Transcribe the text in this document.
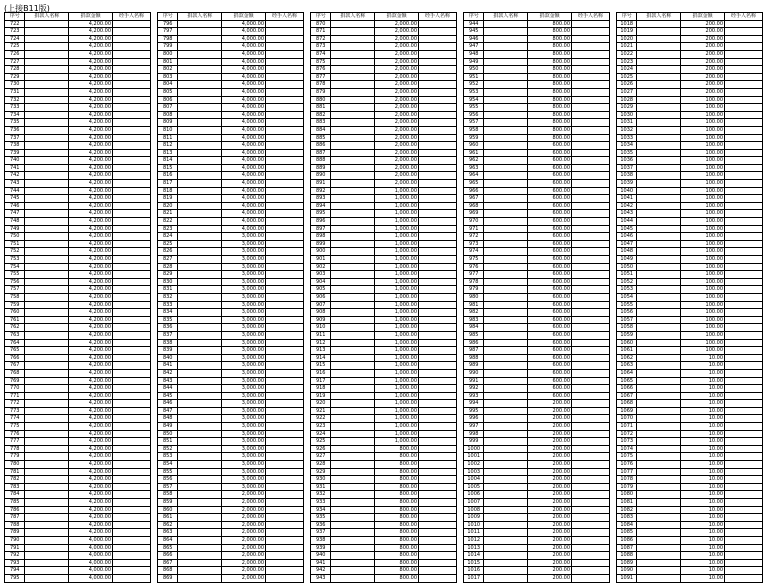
(上接B11版)
序号	捐款人名称	捐款金额	经手人名称
722		4,200.00	
723		4,200.00	
724		4,200.00	
725		4,200.00	
726		4,200.00	
727		4,200.00	
728		4,200.00	
729		4,200.00	
730		4,200.00	
731		4,200.00	
732		4,200.00	
733		4,200.00	
734		4,200.00	
735		4,200.00	
736		4,200.00	
737		4,200.00	
738		4,200.00	
739		4,200.00	
740		4,200.00	
741		4,200.00	
742		4,200.00	
743		4,200.00	
744		4,200.00	
745		4,200.00	
746		4,200.00	
747		4,200.00	
748		4,200.00	
749		4,200.00	
750		4,200.00	
751		4,200.00	
752		4,200.00	
753		4,200.00	
754		4,200.00	
755		4,200.00	
756		4,200.00	
757		4,200.00	
758		4,200.00	
759		4,200.00	
760		4,200.00	
761		4,200.00	
762		4,200.00	
763		4,200.00	
764		4,200.00	
765		4,200.00	
766		4,200.00	
767		4,200.00	
768		4,200.00	
769		4,200.00	
770		4,200.00	
771		4,200.00	
772		4,200.00	
773		4,200.00	
774		4,200.00	
775		4,200.00	
776		4,200.00	
777		4,200.00	
778		4,200.00	
779		4,200.00	
780		4,200.00	
781		4,200.00	
782		4,200.00	
783		4,200.00	
784		4,200.00	
785		4,200.00	
786		4,200.00	
787		4,200.00	
788		4,200.00	
789		4,200.00	
790		4,000.00	
791		4,000.00	
792		4,000.00	
793		4,000.00	
794		4,000.00	
795		4,000.00	
序号	捐款人名称	捐款金额	经手人名称
796		4,000.00	
797		4,000.00	
798		4,000.00	
799		4,000.00	
800		4,000.00	
801		4,000.00	
802		4,000.00	
803		4,000.00	
804		4,000.00	
805		4,000.00	
806		4,000.00	
807		4,000.00	
808		4,000.00	
809		4,000.00	
810		4,000.00	
811		4,000.00	
812		4,000.00	
813		4,000.00	
814		4,000.00	
815		4,000.00	
816		4,000.00	
817		4,000.00	
818		4,000.00	
819		4,000.00	
820		4,000.00	
821		4,000.00	
822		4,000.00	
823		4,000.00	
824		3,000.00	
825		3,000.00	
826		3,000.00	
827		3,000.00	
828		3,000.00	
829		3,000.00	
830		3,000.00	
831		3,000.00	
832		3,000.00	
833		3,000.00	
834		3,000.00	
835		3,000.00	
836		3,000.00	
837		3,000.00	
838		3,000.00	
839		3,000.00	
840		3,000.00	
841		3,000.00	
842		3,000.00	
843		3,000.00	
844		3,000.00	
845		3,000.00	
846		3,000.00	
847		3,000.00	
848		3,000.00	
849		3,000.00	
850		3,000.00	
851		3,000.00	
852		3,000.00	
853		3,000.00	
854		3,000.00	
855		3,000.00	
856		3,000.00	
857		3,000.00	
858		2,000.00	
859		2,000.00	
860		2,000.00	
861		2,000.00	
862		2,000.00	
863		2,000.00	
864		2,000.00	
865		2,000.00	
866		2,000.00	
867		2,000.00	
868		2,000.00	
869		2,000.00	
序号	捐款人名称	捐款金额	经手人名称
870		2,000.00	
871		2,000.00	
872		2,000.00	
873		2,000.00	
874		2,000.00	
875		2,000.00	
876		2,000.00	
877		2,000.00	
878		2,000.00	
879		2,000.00	
880		2,000.00	
881		2,000.00	
882		2,000.00	
883		2,000.00	
884		2,000.00	
885		2,000.00	
886		2,000.00	
887		2,000.00	
888		2,000.00	
889		2,000.00	
890		2,000.00	
891		2,000.00	
892		1,000.00	
893		1,000.00	
894		1,000.00	
895		1,000.00	
896		1,000.00	
897		1,000.00	
898		1,000.00	
899		1,000.00	
900		1,000.00	
901		1,000.00	
902		1,000.00	
903		1,000.00	
904		1,000.00	
905		1,000.00	
906		1,000.00	
907		1,000.00	
908		1,000.00	
909		1,000.00	
910		1,000.00	
911		1,000.00	
912		1,000.00	
913		1,000.00	
914		1,000.00	
915		1,000.00	
916		1,000.00	
917		1,000.00	
918		1,000.00	
919		1,000.00	
920		1,000.00	
921		1,000.00	
922		1,000.00	
923		1,000.00	
924		1,000.00	
925		1,000.00	
926		800.00	
927		800.00	
928		800.00	
929		800.00	
930		800.00	
931		800.00	
932		800.00	
933		800.00	
934		800.00	
935		800.00	
936		800.00	
937		800.00	
938		800.00	
939		800.00	
940		800.00	
941		800.00	
942		800.00	
943		800.00	
序号	捐款人名称	捐款金额	经手人名称
944		800.00	
945		800.00	
946		800.00	
947		800.00	
948		800.00	
949		800.00	
950		800.00	
951		800.00	
952		800.00	
953		800.00	
954		800.00	
955		800.00	
956		800.00	
957		800.00	
958		800.00	
959		800.00	
960		600.00	
961		600.00	
962		600.00	
963		600.00	
964		600.00	
965		600.00	
966		600.00	
967		600.00	
968		600.00	
969		600.00	
970		600.00	
971		600.00	
972		600.00	
973		600.00	
974		600.00	
975		600.00	
976		600.00	
977		600.00	
978		600.00	
979		600.00	
980		600.00	
981		600.00	
982		600.00	
983		600.00	
984		600.00	
985		600.00	
986		600.00	
987		600.00	
988		600.00	
989		600.00	
990		600.00	
991		600.00	
992		600.00	
993		600.00	
994		200.00	
995		200.00	
996		200.00	
997		200.00	
998		200.00	
999		200.00	
1000		200.00	
1001		200.00	
1002		200.00	
1003		200.00	
1004		200.00	
1005		200.00	
1006		200.00	
1007		200.00	
1008		200.00	
1009		200.00	
1010		200.00	
1011		200.00	
1012		200.00	
1013		200.00	
1014		200.00	
1015		200.00	
1016		200.00	
1017		200.00	
序号	捐款人名称	捐款金额	经手人名称
1018		200.00	
1019		200.00	
1020		200.00	
1021		200.00	
1022		200.00	
1023		200.00	
1024		200.00	
1025		200.00	
1026		200.00	
1027		200.00	
1028		100.00	
1029		100.00	
1030		100.00	
1031		100.00	
1032		100.00	
1033		100.00	
1034		100.00	
1035		100.00	
1036		100.00	
1037		100.00	
1038		100.00	
1039		100.00	
1040		100.00	
1041		100.00	
1042		100.00	
1043		100.00	
1044		100.00	
1045		100.00	
1046		100.00	
1047		100.00	
1048		100.00	
1049		100.00	
1050		100.00	
1051		100.00	
1052		100.00	
1053		100.00	
1054		100.00	
1055		100.00	
1056		100.00	
1057		100.00	
1058		100.00	
1059		100.00	
1060		100.00	
1061		100.00	
1062		10.00	
1063		10.00	
1064		10.00	
1065		10.00	
1066		10.00	
1067		10.00	
1068		10.00	
1069		10.00	
1070		10.00	
1071		10.00	
1072		10.00	
1073		10.00	
1074		10.00	
1075		10.00	
1076		10.00	
1077		10.00	
1078		10.00	
1079		10.00	
1080		10.00	
1081		10.00	
1082		10.00	
1083		10.00	
1084		10.00	
1085		10.00	
1086		10.00	
1087		10.00	
1088		10.00	
1089		10.00	
1090		10.00	
1091		10.00	
